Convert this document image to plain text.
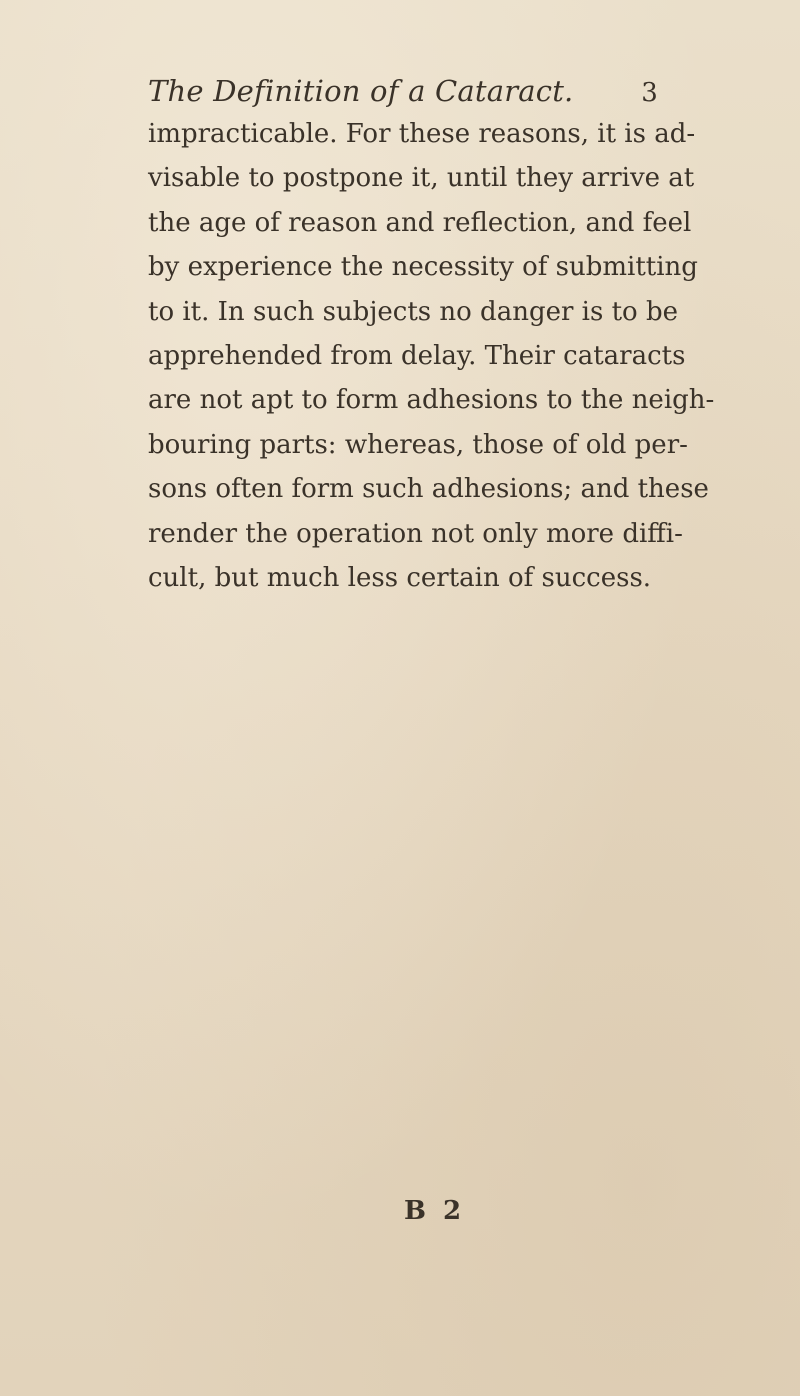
The Definition of a Cataract.	3
impracticable. For these reasons, it is ad-
visable to postpone it, until they arrive at
the age of reason and reflection, and feel
by experience the necessity of submitting
to it. In such subjects no danger is to be
apprehended from delay. Their cataracts
are not apt to form adhesions to the neigh-
bouring parts: whereas, those of old per-
sons often form such adhesions; and these
render the operation not only more diffi-
cult, but much less certain of success.
B 2
